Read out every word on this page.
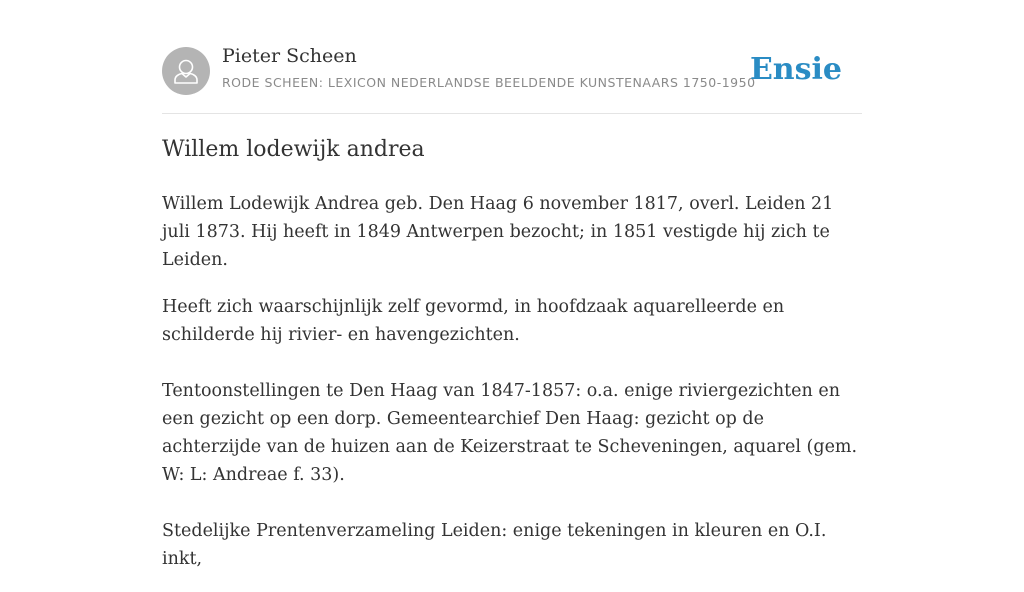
Pieter Scheen
RODE SCHEEN: LEXICON NEDERLANDSE BEELDENDE KUNSTENAARS 1750-1950
Ensie
Willem lodewijk andrea

Willem Lodewijk Andrea geb. Den Haag 6 november 1817, overl. Leiden 21 juli 1873. Hij heeft in 1849 Antwerpen bezocht; in 1851 vestigde hij zich te Leiden.

Heeft zich waarschijnlijk zelf gevormd, in hoofdzaak aquarelleerde en schilderde hij rivier- en havengezichten.

Tentoonstellingen te Den Haag van 1847-1857: o.a. enige riviergezichten en een gezicht op een dorp. Gemeentearchief Den Haag: gezicht op de achterzijde van de huizen aan de Keizerstraat te Scheveningen, aquarel (gem. W: L: Andreae f. 33).

Stedelijke Prentenverzameling Leiden: enige tekeningen in kleuren en O.I. inkt,
